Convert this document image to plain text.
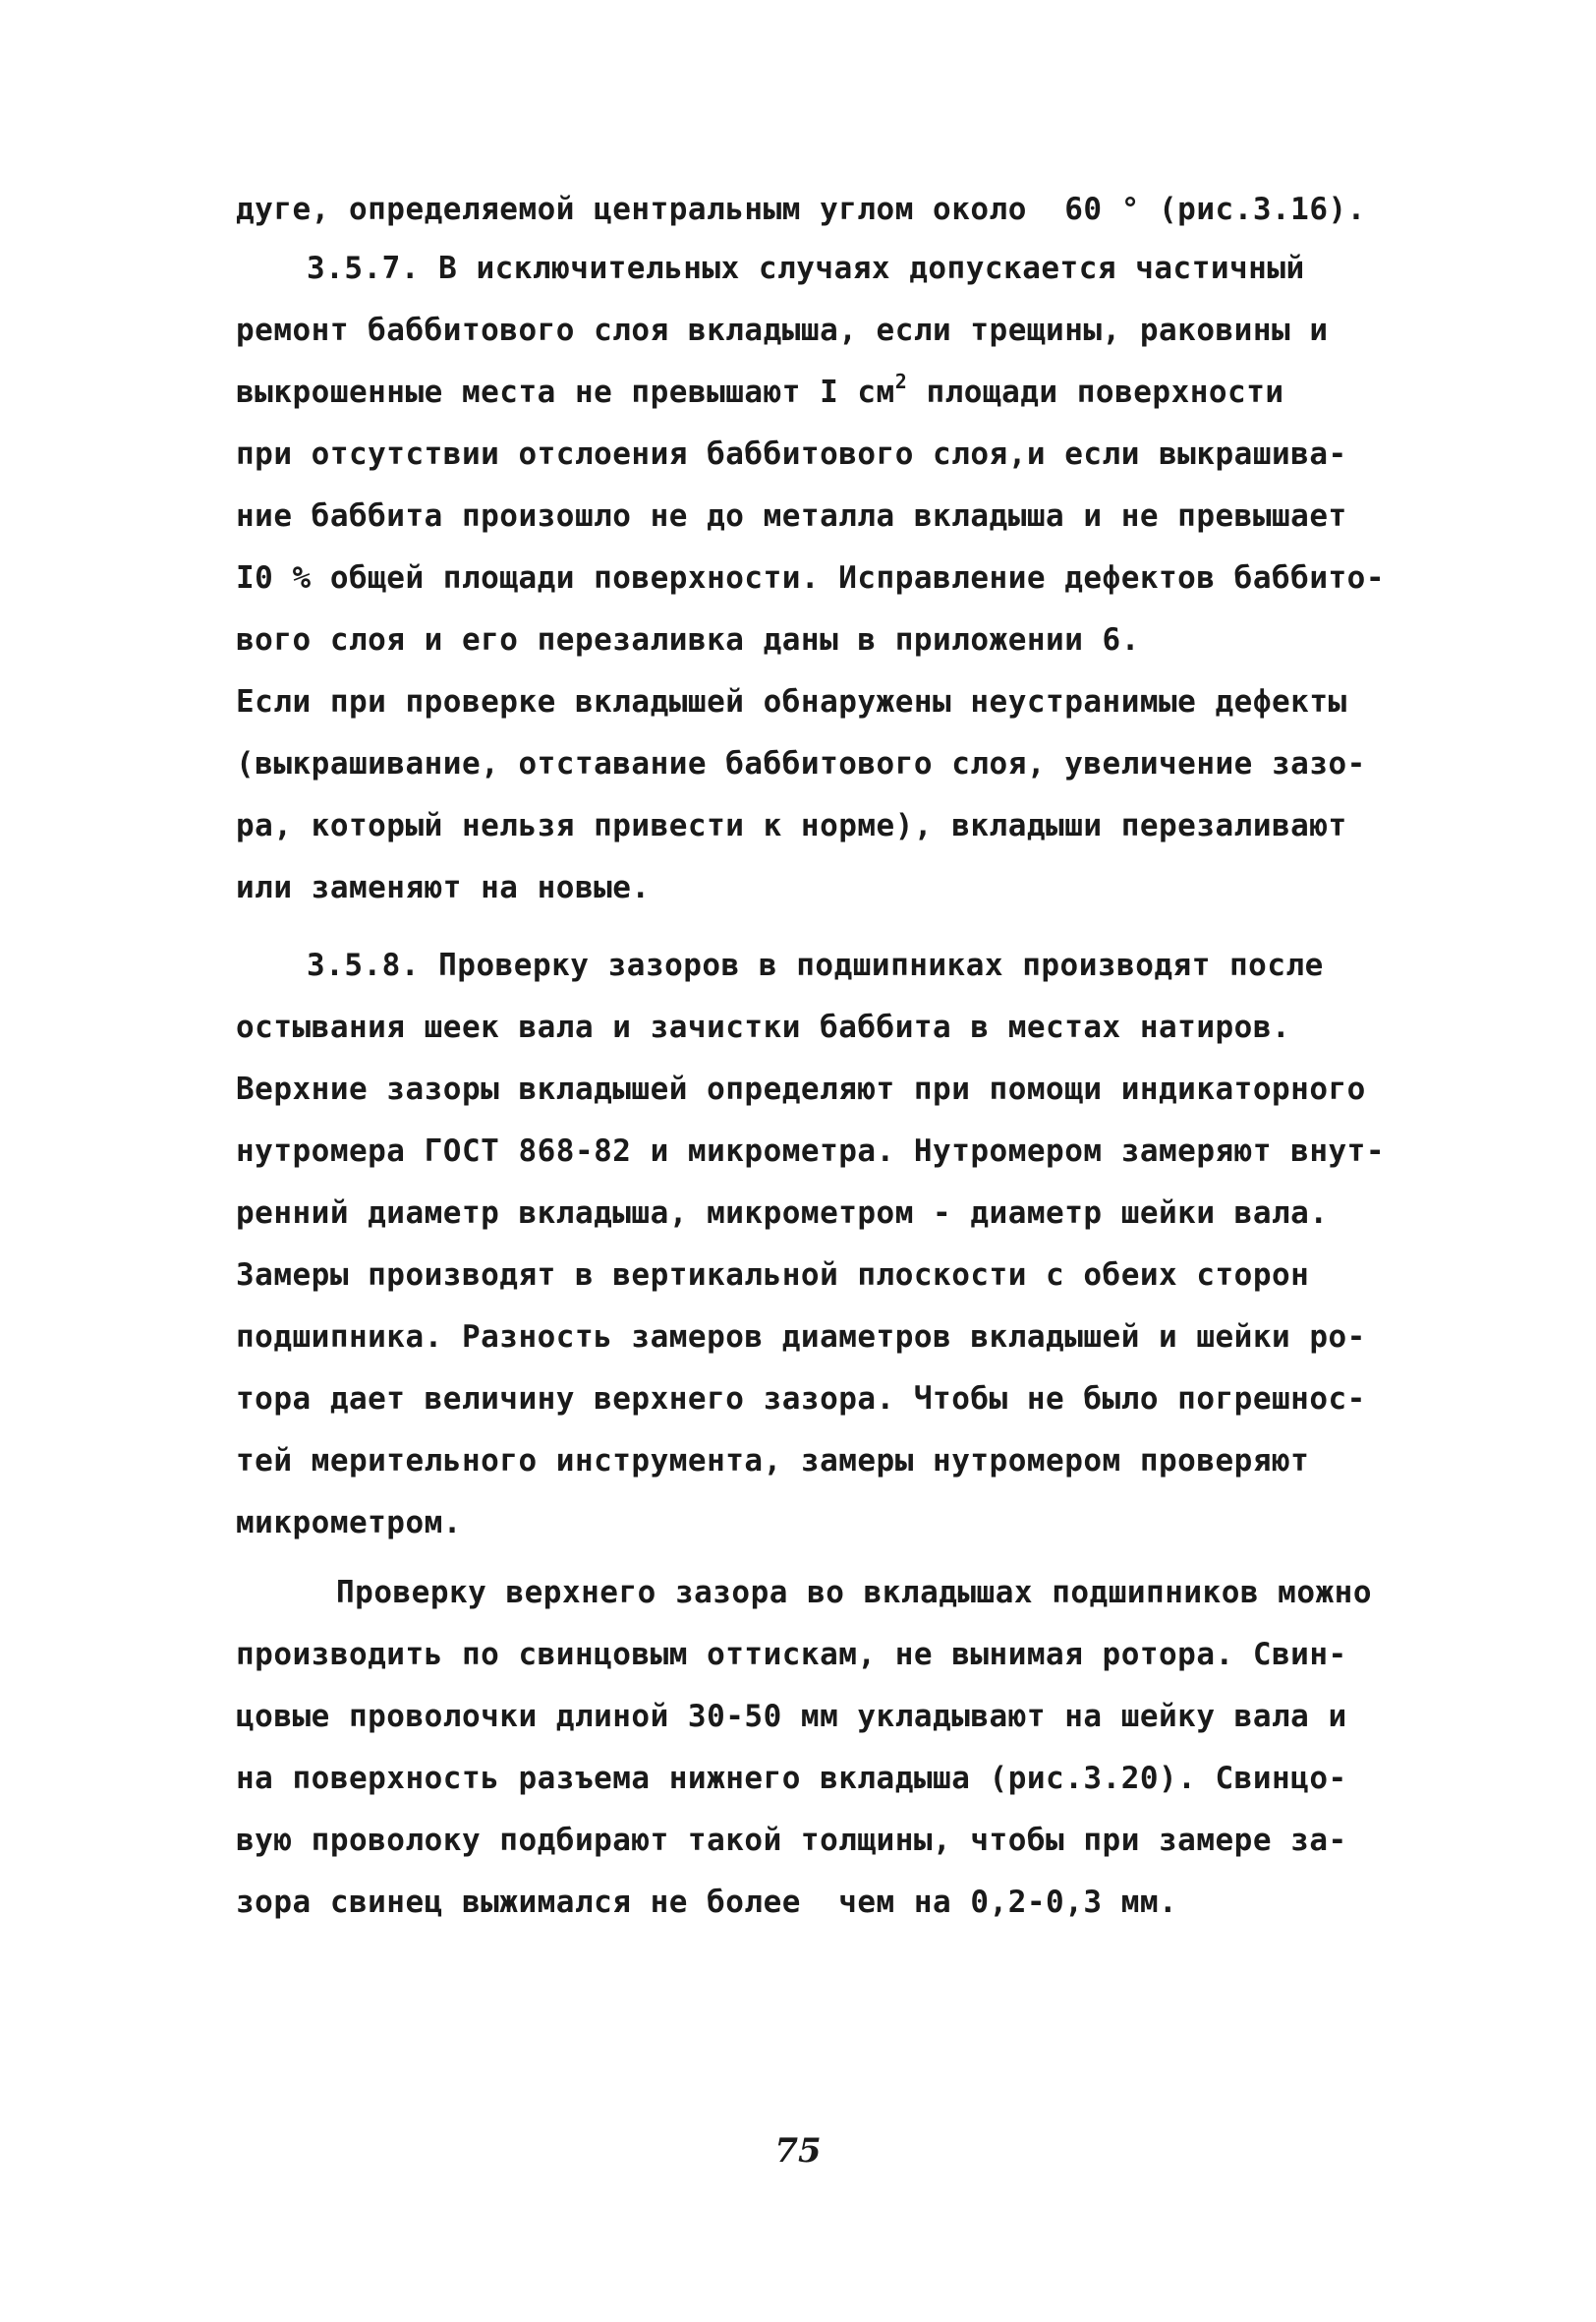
дуге, определяемой центральным углом около  60 ° (рис.3.16).
3.5.7. В исключительных случаях допускается частичный
ремонт баббитового слоя вкладыша, если трещины, раковины и
выкрошенные места не превышают I $см^2$ площади поверхности
при отсутствии отслоения баббитового слоя,и если выкрашива-
ние баббита произошло не до металла вкладыша и не превышает
I0 % общей площади поверхности. Исправление дефектов баббито-
вого слоя и его перезаливка даны в приложении 6.
Если при проверке вкладышей обнаружены неустранимые дефекты
(выкрашивание, отставание баббитового слоя, увеличение зазо-
ра, который нельзя привести к норме), вкладыши перезаливают
или заменяют на новые.
3.5.8. Проверку зазоров в подшипниках производят после
остывания шеек вала и зачистки баббита в местах натиров.
Верхние зазоры вкладышей определяют при помощи индикаторного
нутромера ГОСТ 868-82 и микрометра. Нутромером замеряют внут-
ренний диаметр вкладыша, микрометром - диаметр шейки вала.
Замеры производят в вертикальной плоскости с обеих сторон
подшипника. Разность замеров диаметров вкладышей и шейки ро-
тора дает величину верхнего зазора. Чтобы не было погрешнос-
тей мерительного инструмента, замеры нутромером проверяют
микрометром.
Проверку верхнего зазора во вкладышах подшипников можно
производить по свинцовым оттискам, не вынимая ротора. Свин-
цовые проволочки длиной 30-50 мм укладывают на шейку вала и
на поверхность разъема нижнего вкладыша (рис.3.20). Свинцо-
вую проволоку подбирают такой толщины, чтобы при замере за-
зора свинец выжимался не более  чем на 0,2-0,3 мм.
75
